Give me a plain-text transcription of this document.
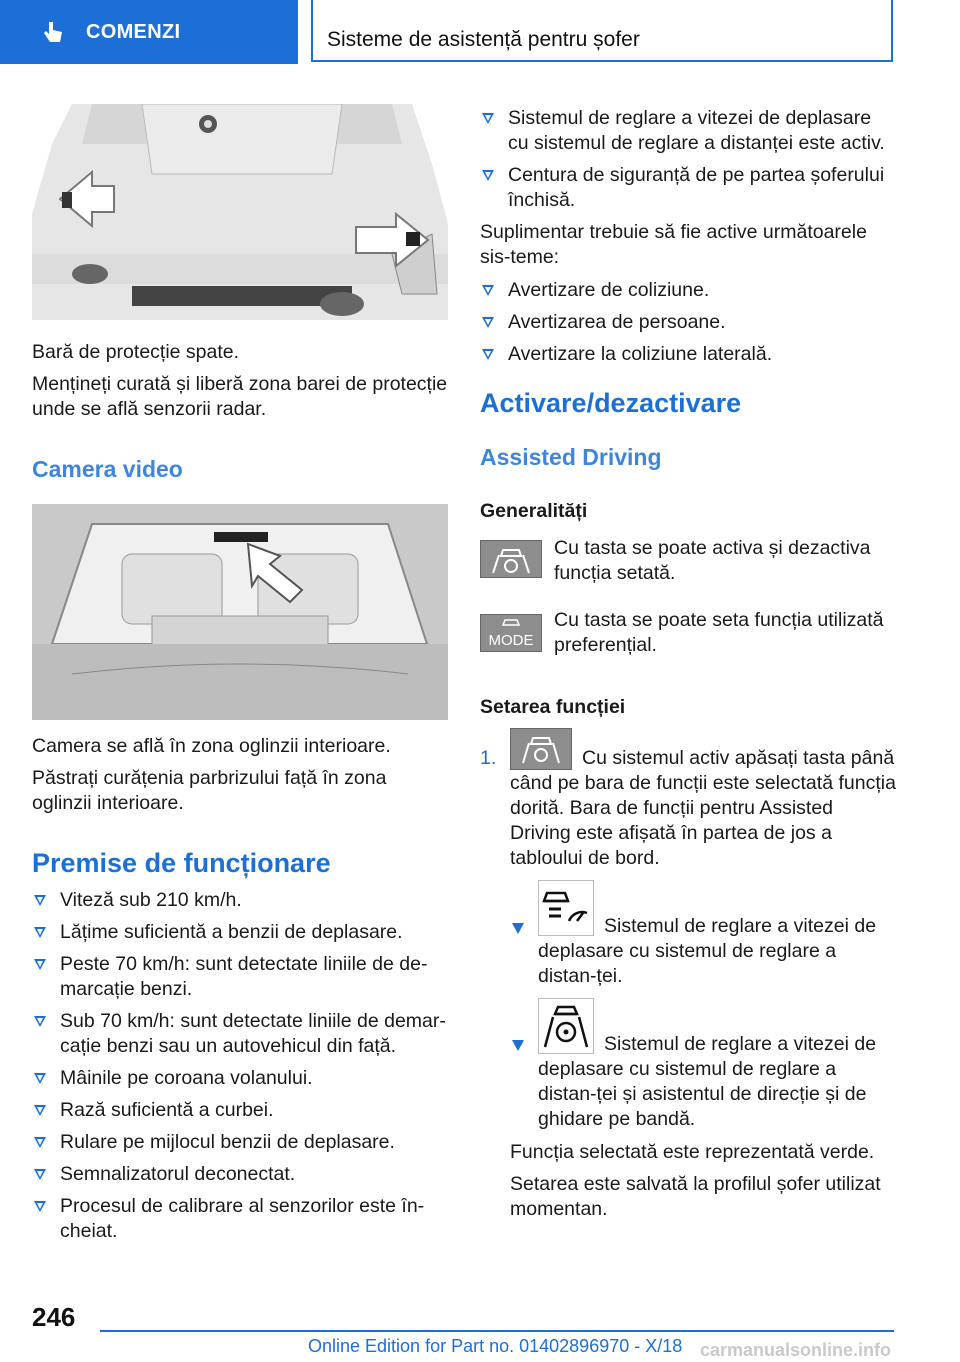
COMENZI	Sisteme de asistență pentru șofer
Bară de protecție spate.
Mențineți curată și liberă zona barei de protecție unde se află senzorii radar.
Camera video
Camera se află în zona oglinzii interioare.
Păstrați curățenia parbrizului față în zona oglinzii interioare.
Premise de funcționare
Viteză sub 210 km/h.
Lățime suficientă a benzii de deplasare.
Peste 70 km/h: sunt detectate liniile de de-marcație benzi.
Sub 70 km/h: sunt detectate liniile de demar-cație benzi sau un autovehicul din față.
Mâinile pe coroana volanului.
Rază suficientă a curbei.
Rulare pe mijlocul benzii de deplasare.
Semnalizatorul deconectat.
Procesul de calibrare al senzorilor este în-cheiat.
Sistemul de reglare a vitezei de deplasare cu sistemul de reglare a distanței este activ.
Centura de siguranță de pe partea șoferului închisă.
Suplimentar trebuie să fie active următoarele sis-teme:
Avertizare de coliziune.
Avertizarea de persoane.
Avertizare la coliziune laterală.
Activare/dezactivare
Assisted Driving
Generalități
Cu tasta se poate activa și dezactiva funcția setată.
MODE
Cu tasta se poate seta funcția utilizată preferențial.
Setarea funcției
1.	Cu sistemul activ apăsați tasta până când pe bara de funcții este selectată funcția dorită. Bara de funcții pentru Assisted Driving este afișată în partea de jos a tabloului de bord.
Sistemul de reglare a vitezei de deplasare cu sistemul de reglare a distan-ței.
Sistemul de reglare a vitezei de deplasare cu sistemul de reglare a distan-ței și asistentul de direcție și de ghidare pe bandă.
Funcția selectată este reprezentată verde.
Setarea este salvată la profilul șofer utilizat momentan.
246
Online Edition for Part no. 01402896970 - X/18 carmanualsonline.info
